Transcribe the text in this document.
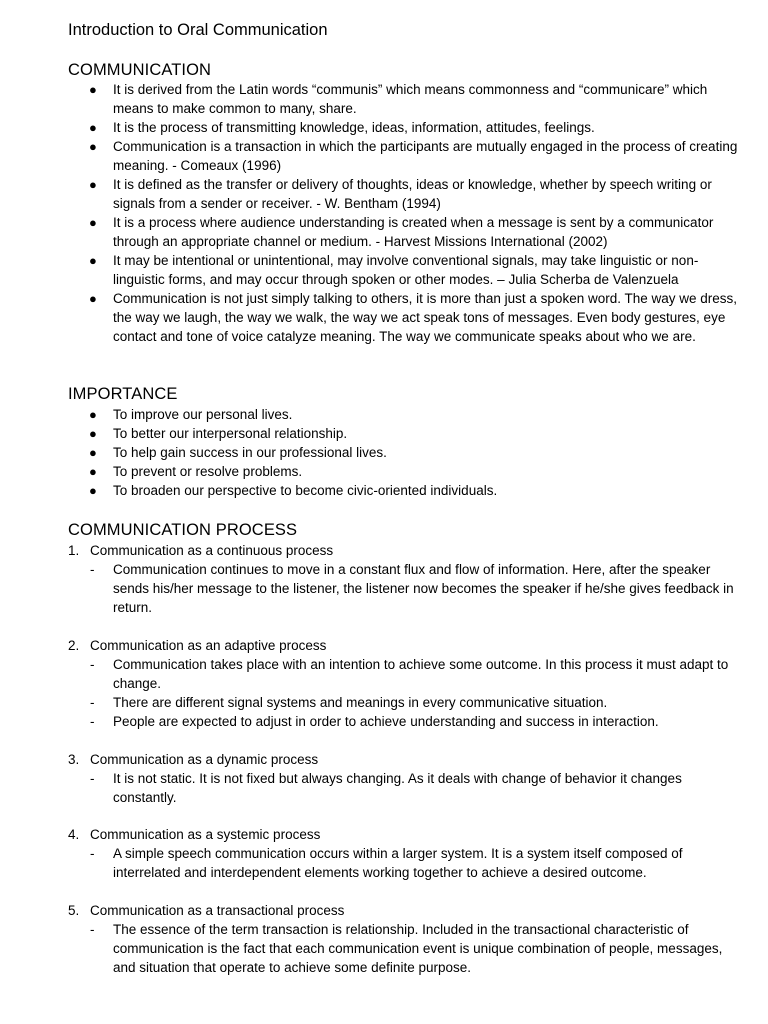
Introduction to Oral Communication
COMMUNICATION
● It is derived from the Latin words “communis” which means commonness and “communicare” which means to make common to many, share.
● It is the process of transmitting knowledge, ideas, information, attitudes, feelings.
● Communication is a transaction in which the participants are mutually engaged in the process of creating meaning. - Comeaux (1996)
● It is defined as the transfer or delivery of thoughts, ideas or knowledge, whether by speech writing or signals from a sender or receiver. - W. Bentham (1994)
● It is a process where audience understanding is created when a message is sent by a communicator through an appropriate channel or medium. - Harvest Missions International (2002)
● It may be intentional or unintentional, may involve conventional signals, may take linguistic or non-linguistic forms, and may occur through spoken or other modes. – Julia Scherba de Valenzuela
● Communication is not just simply talking to others, it is more than just a spoken word. The way we dress, the way we laugh, the way we walk, the way we act speak tons of messages. Even body gestures, eye contact and tone of voice catalyze meaning. The way we communicate speaks about who we are.
IMPORTANCE
● To improve our personal lives.
● To better our interpersonal relationship.
● To help gain success in our professional lives.
● To prevent or resolve problems.
● To broaden our perspective to become civic-oriented individuals.
COMMUNICATION PROCESS

1. Communication as a continuous process

- Communication continues to move in a constant flux and flow of information. Here, after the speaker sends his/her message to the listener, the listener now becomes the speaker if he/she gives feedback in return.

2. Communication as an adaptive process

- Communication takes place with an intention to achieve some outcome. In this process it must adapt to change.

- There are different signal systems and meanings in every communicative situation.

- People are expected to adjust in order to achieve understanding and success in interaction.

3. Communication as a dynamic process

- It is not static. It is not fixed but always changing. As it deals with change of behavior it changes constantly.

4. Communication as a systemic process

- A simple speech communication occurs within a larger system. It is a system itself composed of interrelated and interdependent elements working together to achieve a desired outcome.

5. Communication as a transactional process

- The essence of the term transaction is relationship. Included in the transactional characteristic of communication is the fact that each communication event is unique combination of people, messages, and situation that operate to achieve some definite purpose.
